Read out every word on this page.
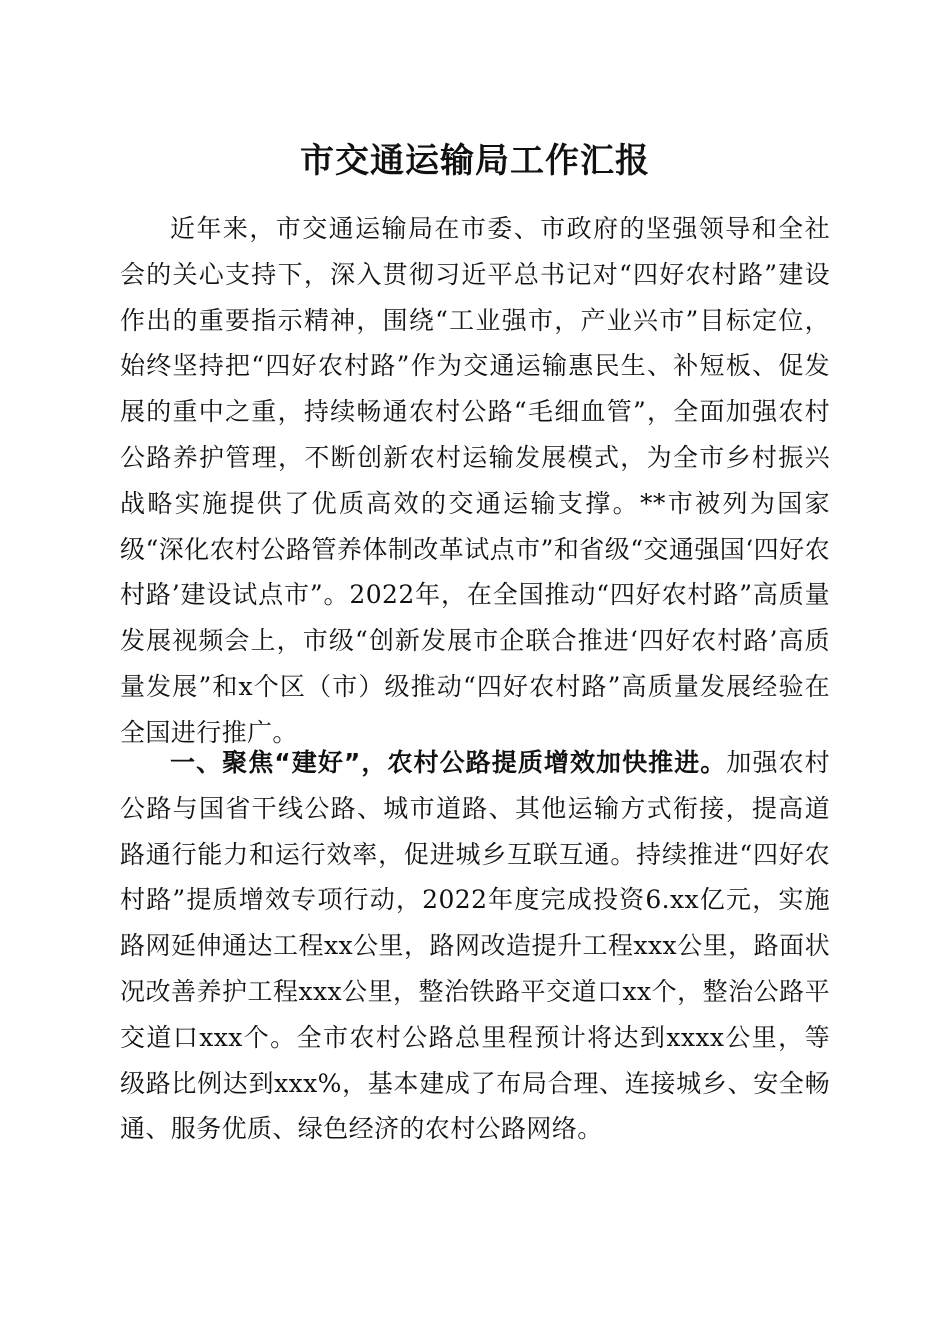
市交通运输局工作汇报

近年来，市交通运输局在市委、市政府的坚强领导和全社会的关心支持下，深入贯彻习近平总书记对“四好农村路”建设作出的重要指示精神，围绕“工业强市，产业兴市”目标定位，始终坚持把“四好农村路”作为交通运输惠民生、补短板、促发展的重中之重，持续畅通农村公路“毛细血管”，全面加强农村公路养护管理，不断创新农村运输发展模式，为全市乡村振兴战略实施提供了优质高效的交通运输支撑。**市被列为国家级“深化农村公路管养体制改革试点市”和省级“交通强国‘四好农村路’建设试点市”。2022年，在全国推动“四好农村路”高质量发展视频会上，市级“创新发展市企联合推进‘四好农村路’高质量发展”和x个区（市）级推动“四好农村路”高质量发展经验在全国进行推广。

一、聚焦“建好”，农村公路提质增效加快推进。加强农村公路与国省干线公路、城市道路、其他运输方式衔接，提高道路通行能力和运行效率，促进城乡互联互通。持续推进“四好农村路”提质增效专项行动，2022年度完成投资6.xx亿元，实施路网延伸通达工程xx公里，路网改造提升工程xxx公里，路面状况改善养护工程xxx公里，整治铁路平交道口xx个，整治公路平交道口xxx个。全市农村公路总里程预计将达到xxxx公里，等级路比例达到xxx%，基本建成了布局合理、连接城乡、安全畅通、服务优质、绿色经济的农村公路网络。
